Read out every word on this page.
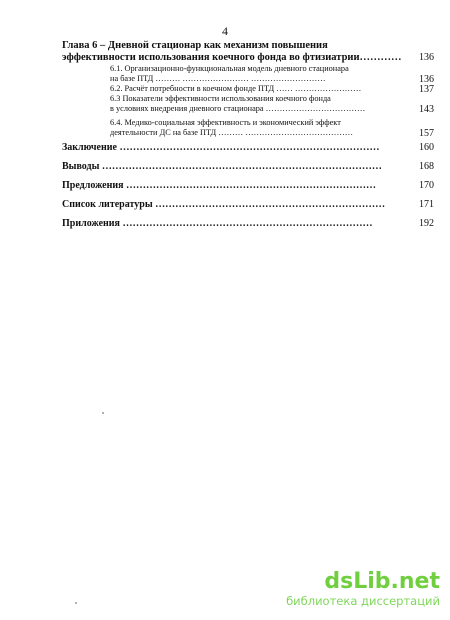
4
Глава 6 – Дневной стационар как механизм повышения
эффективности использования коечного фонда во фтизиатрии………… 136
6.1. Организационно-функциональная модель дневного стационара
на базе ПТД ……… …………………… ………………………	136
6.2. Расчёт потребности в коечном фонде ПТД …… ……………………	137
6.3 Показатели эффективности использования коечного фонда
в условиях внедрения дневного стационара ………………………………	143
6.4. Медико-социальная эффективность и экономический эффект
деятельности ДС на базе ПТД ……… …………………………………	157
Заключение ……………………………………………………………………	160
Выводы …………………………………………………………………………	168
Предложения …………………………………………………………………	170
Список литературы ……………………………………………………………	171
Приложения …………………………………………………………………	192
dsLib.net
библиотека диссертаций
